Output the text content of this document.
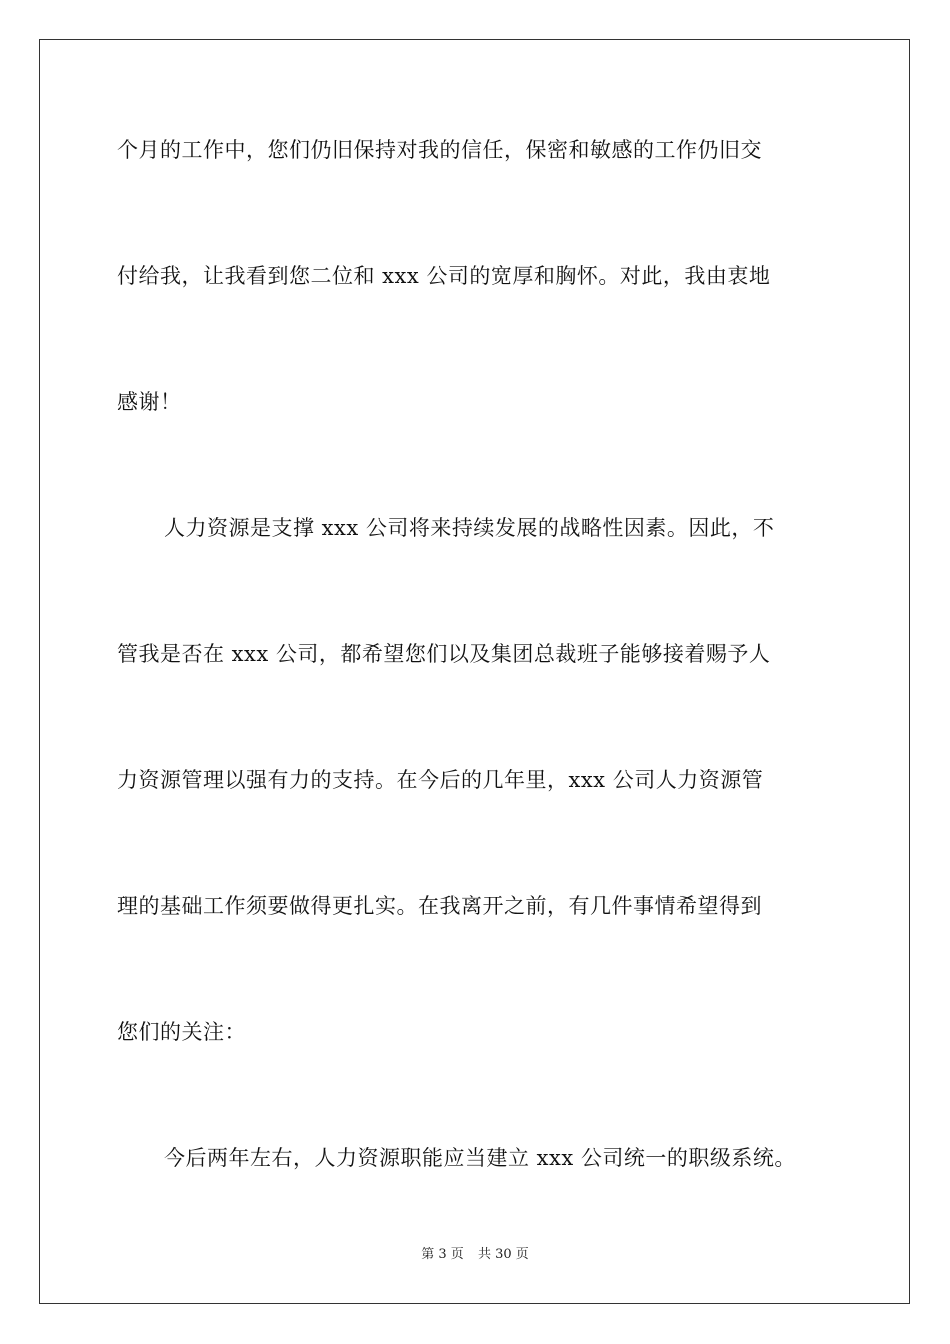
个月的工作中，您们仍旧保持对我的信任，保密和敏感的工作仍旧交
付给我，让我看到您二位和 xxx 公司的宽厚和胸怀。对此，我由衷地
感谢！
人力资源是支撑 xxx 公司将来持续发展的战略性因素。因此，不
管我是否在 xxx 公司，都希望您们以及集团总裁班子能够接着赐予人
力资源管理以强有力的支持。在今后的几年里，xxx 公司人力资源管
理的基础工作须要做得更扎实。在我离开之前，有几件事情希望得到
您们的关注：
今后两年左右，人力资源职能应当建立 xxx 公司统一的职级系统。
第 3 页 共 30 页
